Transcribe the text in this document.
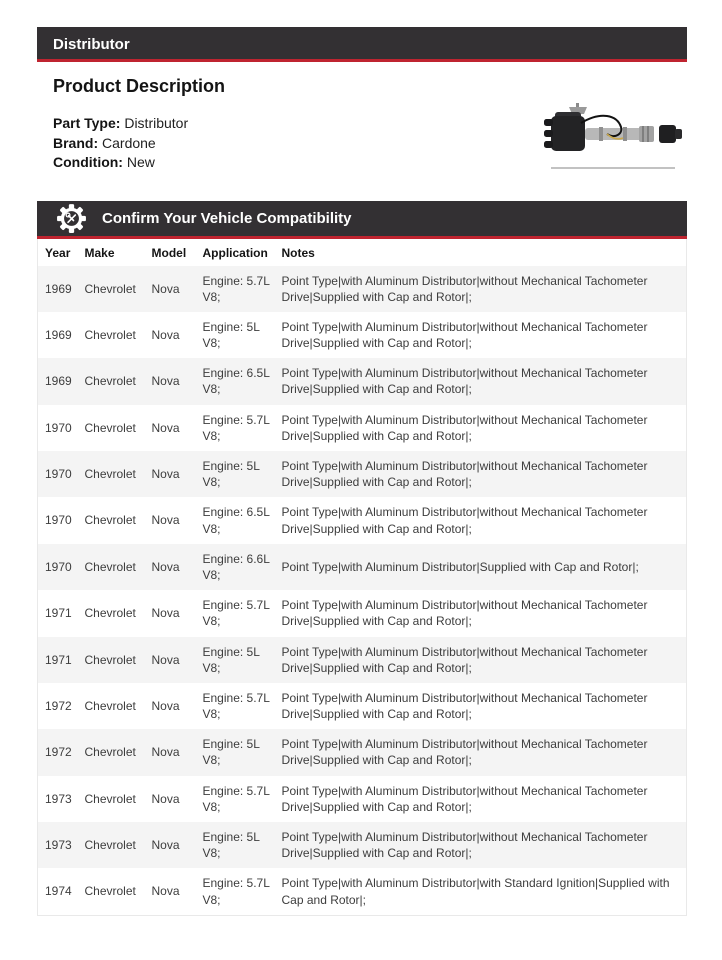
Distributor
Product Description
Part Type: Distributor
Brand: Cardone
Condition: New
Confirm Your Vehicle Compatibility
Year	Make	Model	Application	Notes
1969	Chevrolet	Nova	Engine: 5.7L V8;	Point Type|with Aluminum Distributor|without Mechanical Tachometer Drive|Supplied with Cap and Rotor|;
1969	Chevrolet	Nova	Engine: 5L V8;	Point Type|with Aluminum Distributor|without Mechanical Tachometer Drive|Supplied with Cap and Rotor|;
1969	Chevrolet	Nova	Engine: 6.5L V8;	Point Type|with Aluminum Distributor|without Mechanical Tachometer Drive|Supplied with Cap and Rotor|;
1970	Chevrolet	Nova	Engine: 5.7L V8;	Point Type|with Aluminum Distributor|without Mechanical Tachometer Drive|Supplied with Cap and Rotor|;
1970	Chevrolet	Nova	Engine: 5L V8;	Point Type|with Aluminum Distributor|without Mechanical Tachometer Drive|Supplied with Cap and Rotor|;
1970	Chevrolet	Nova	Engine: 6.5L V8;	Point Type|with Aluminum Distributor|without Mechanical Tachometer Drive|Supplied with Cap and Rotor|;
1970	Chevrolet	Nova	Engine: 6.6L V8;	Point Type|with Aluminum Distributor|Supplied with Cap and Rotor|;
1971	Chevrolet	Nova	Engine: 5.7L V8;	Point Type|with Aluminum Distributor|without Mechanical Tachometer Drive|Supplied with Cap and Rotor|;
1971	Chevrolet	Nova	Engine: 5L V8;	Point Type|with Aluminum Distributor|without Mechanical Tachometer Drive|Supplied with Cap and Rotor|;
1972	Chevrolet	Nova	Engine: 5.7L V8;	Point Type|with Aluminum Distributor|without Mechanical Tachometer Drive|Supplied with Cap and Rotor|;
1972	Chevrolet	Nova	Engine: 5L V8;	Point Type|with Aluminum Distributor|without Mechanical Tachometer Drive|Supplied with Cap and Rotor|;
1973	Chevrolet	Nova	Engine: 5.7L V8;	Point Type|with Aluminum Distributor|without Mechanical Tachometer Drive|Supplied with Cap and Rotor|;
1973	Chevrolet	Nova	Engine: 5L V8;	Point Type|with Aluminum Distributor|without Mechanical Tachometer Drive|Supplied with Cap and Rotor|;
1974	Chevrolet	Nova	Engine: 5.7L V8;	Point Type|with Aluminum Distributor|with Standard Ignition|Supplied with Cap and Rotor|;
